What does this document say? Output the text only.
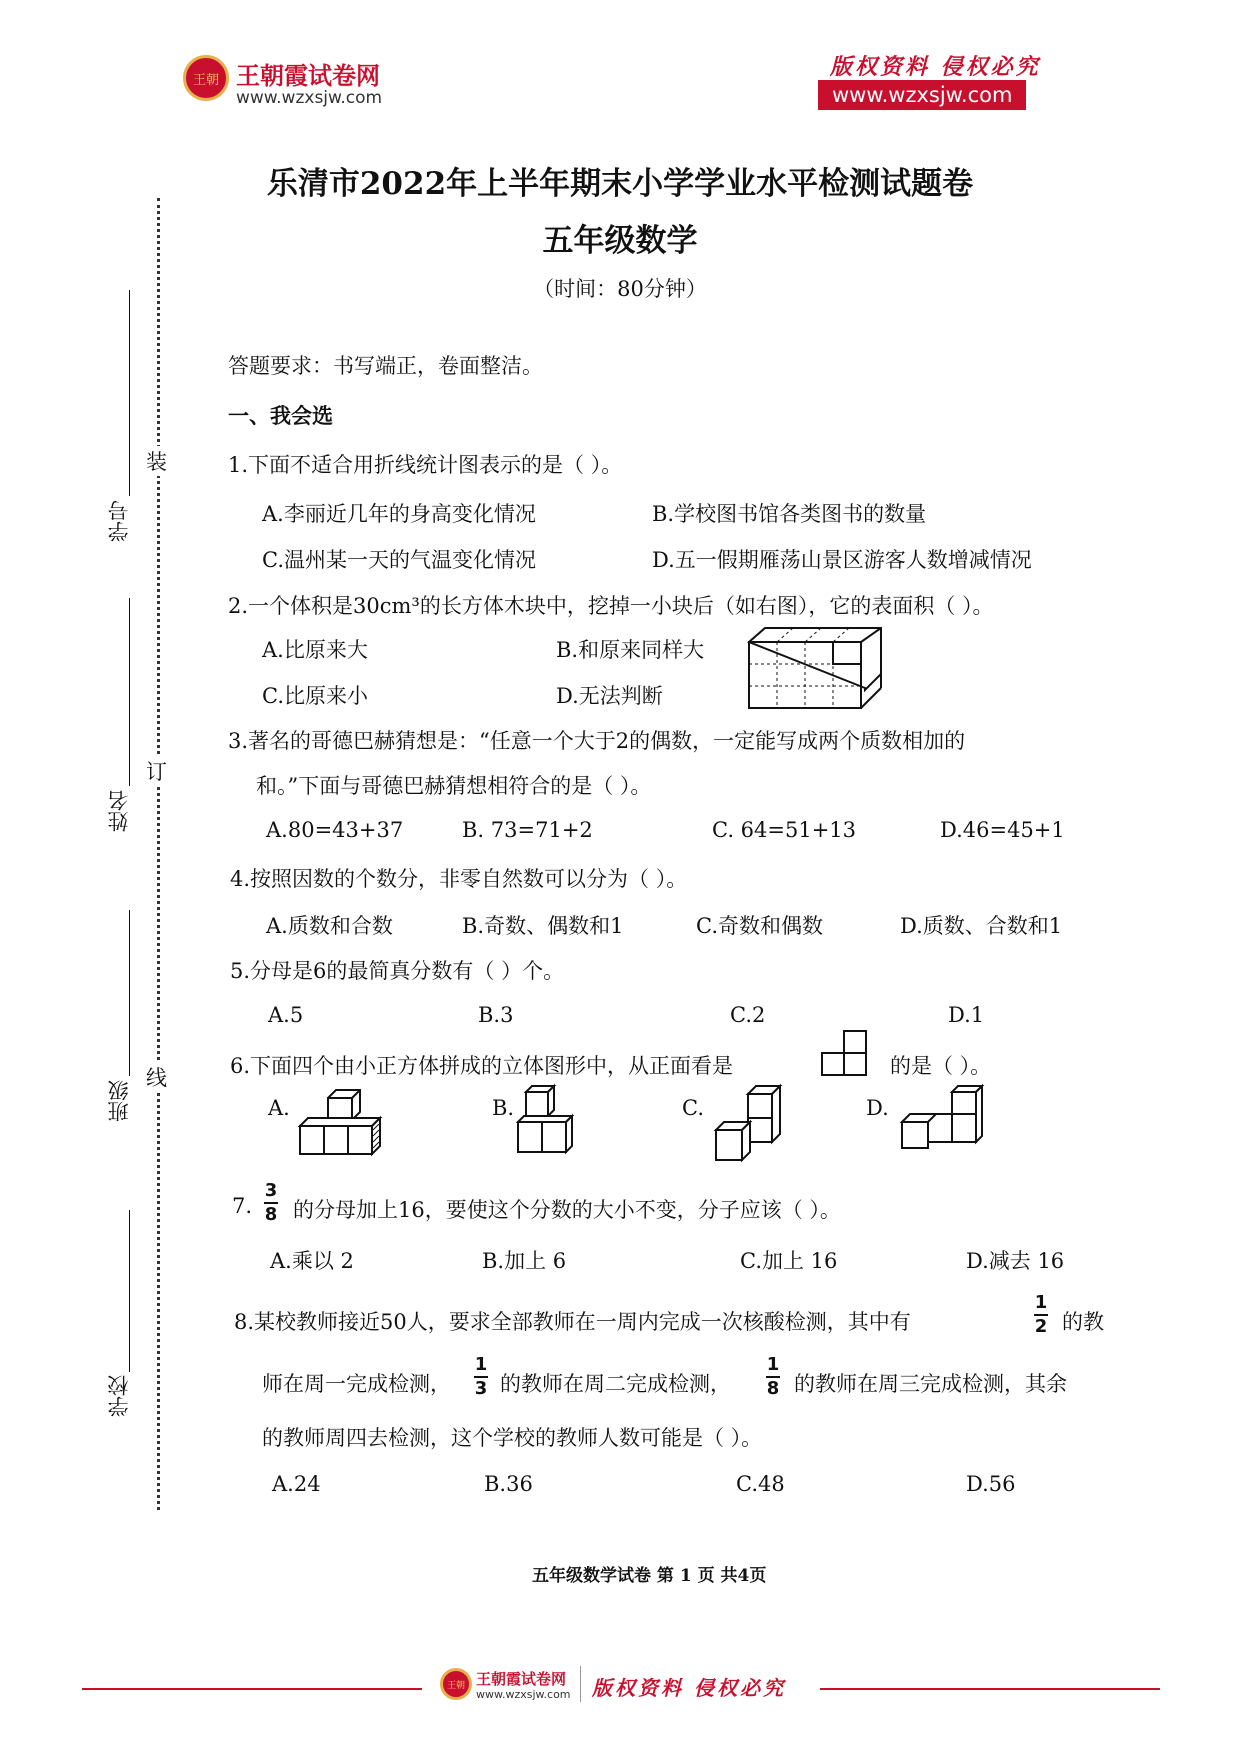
王朝 王朝霞试卷网
www.wzxsjw.com
版权资料 侵权必究
www.wzxsjw.com
乐清市2022年上半年期末小学学业水平检测试题卷
五年级数学
（时间：80分钟）
装
订
线
学号
姓名
班级
学校
答题要求：书写端正，卷面整洁。
一、我会选
1.下面不适合用折线统计图表示的是（ ）。
A.李丽近几年的身高变化情况	B.学校图书馆各类图书的数量
C.温州某一天的气温变化情况	D.五一假期雁荡山景区游客人数增减情况
2.一个体积是30cm³的长方体木块中，挖掉一小块后（如右图），它的表面积（ ）。
A.比原来大	B.和原来同样大
C.比原来小	D.无法判断
3.著名的哥德巴赫猜想是：“任意一个大于2的偶数，一定能写成两个质数相加的
和。”下面与哥德巴赫猜想相符合的是（ ）。
A.80=43+37	B. 73=71+2	C. 64=51+13	D.46=45+1
4.按照因数的个数分，非零自然数可以分为（ ）。
A.质数和合数	B.奇数、偶数和1	C.奇数和偶数	D.质数、合数和1
5.分母是6的最简真分数有（ ）个。
A.5	B.3	C.2	D.1
6.下面四个由小正方体拼成的立体图形中，从正面看是	的是（ ）。
A.	B.	C.	D.
7.
3
8 的分母加上16，要使这个分数的大小不变，分子应该（ ）。
A.乘以 2	B.加上 6	C.加上 16	D.减去 16
8.某校教师接近50人，要求全部教师在一周内完成一次核酸检测，其中有
1
2 的教
师在周一完成检测，
1
3 的教师在周二完成检测，
1
8 的教师在周三完成检测，其余
的教师周四去检测，这个学校的教师人数可能是（ ）。
A.24	B.36	C.48	D.56
五年级数学试卷 第 1 页 共4页
王朝 王朝霞试卷网
www.wzxsjw.com 版权资料 侵权必究
